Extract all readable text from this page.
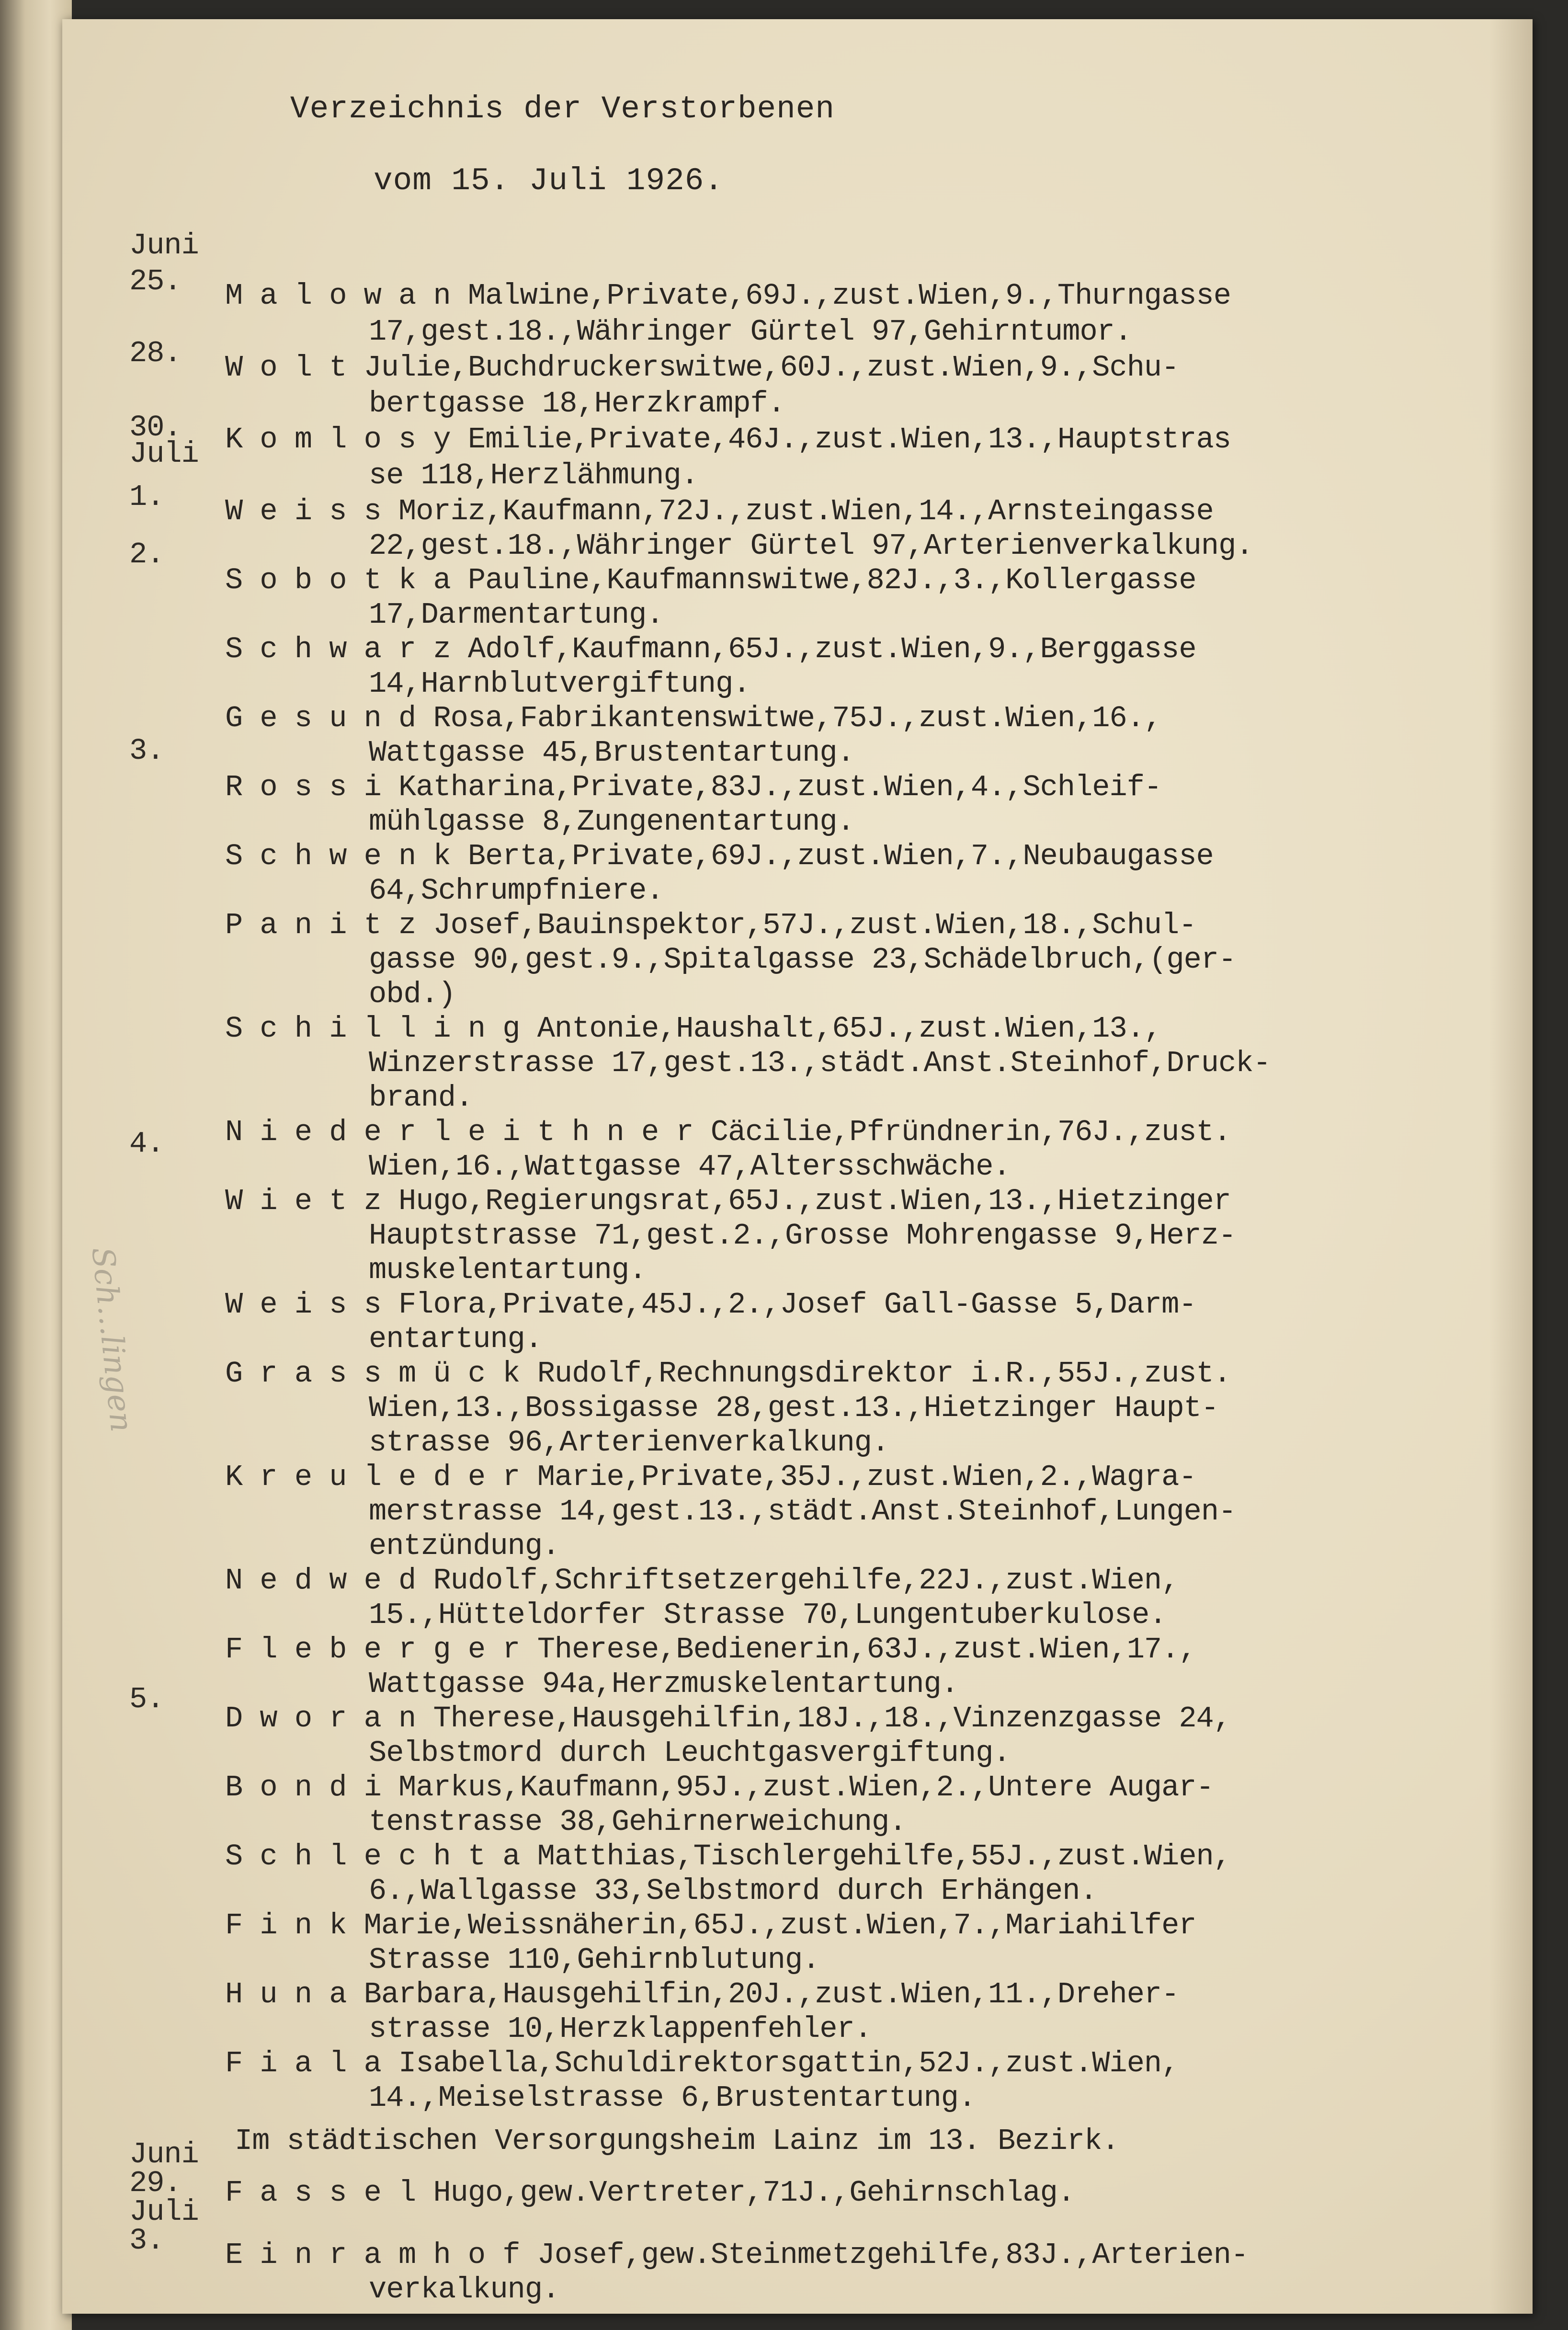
Verzeichnis der Verstorbenen
vom 15. Juli 1926.
Juni
25.
28.
30.
Juli
1.
2.
3.
4.
5.
M a l o w a n Malwine,Private,69J.,zust.Wien,9.,Thurngasse
17,gest.18.,Währinger Gürtel 97,Gehirntumor.
W o l t Julie,Buchdruckerswitwe,60J.,zust.Wien,9.,Schu-
bertgasse 18,Herzkrampf.
K o m l o s y Emilie,Private,46J.,zust.Wien,13.,Hauptstras
se 118,Herzlähmung.
W e i s s Moriz,Kaufmann,72J.,zust.Wien,14.,Arnsteingasse
22,gest.18.,Währinger Gürtel 97,Arterienverkalkung.
S o b o t k a Pauline,Kaufmannswitwe,82J.,3.,Kollergasse
17,Darmentartung.
S c h w a r z Adolf,Kaufmann,65J.,zust.Wien,9.,Berggasse
14,Harnblutvergiftung.
G e s u n d Rosa,Fabrikantenswitwe,75J.,zust.Wien,16.,
Wattgasse 45,Brustentartung.
R o s s i Katharina,Private,83J.,zust.Wien,4.,Schleif-
mühlgasse 8,Zungenentartung.
S c h w e n k Berta,Private,69J.,zust.Wien,7.,Neubaugasse
64,Schrumpfniere.
P a n i t z Josef,Bauinspektor,57J.,zust.Wien,18.,Schul-
gasse 90,gest.9.,Spitalgasse 23,Schädelbruch,(ger-
obd.)
S c h i l l i n g Antonie,Haushalt,65J.,zust.Wien,13.,
Winzerstrasse 17,gest.13.,städt.Anst.Steinhof,Druck-
brand.
N i e d e r l e i t h n e r Cäcilie,Pfründnerin,76J.,zust.
Wien,16.,Wattgasse 47,Altersschwäche.
W i e t z Hugo,Regierungsrat,65J.,zust.Wien,13.,Hietzinger
Hauptstrasse 71,gest.2.,Grosse Mohrengasse 9,Herz-
muskelentartung.
W e i s s Flora,Private,45J.,2.,Josef Gall-Gasse 5,Darm-
entartung.
G r a s s m ü c k Rudolf,Rechnungsdirektor i.R.,55J.,zust.
Wien,13.,Bossigasse 28,gest.13.,Hietzinger Haupt-
strasse 96,Arterienverkalkung.
K r e u l e d e r Marie,Private,35J.,zust.Wien,2.,Wagra-
merstrasse 14,gest.13.,städt.Anst.Steinhof,Lungen-
entzündung.
N e d w e d Rudolf,Schriftsetzergehilfe,22J.,zust.Wien,
15.,Hütteldorfer Strasse 70,Lungentuberkulose.
F l e b e r g e r Therese,Bedienerin,63J.,zust.Wien,17.,
Wattgasse 94a,Herzmuskelentartung.
D w o r a n Therese,Hausgehilfin,18J.,18.,Vinzenzgasse 24,
Selbstmord durch Leuchtgasvergiftung.
B o n d i Markus,Kaufmann,95J.,zust.Wien,2.,Untere Augar-
tenstrasse 38,Gehirnerweichung.
S c h l e c h t a Matthias,Tischlergehilfe,55J.,zust.Wien,
6.,Wallgasse 33,Selbstmord durch Erhängen.
F i n k Marie,Weissnäherin,65J.,zust.Wien,7.,Mariahilfer
Strasse 110,Gehirnblutung.
H u n a Barbara,Hausgehilfin,20J.,zust.Wien,11.,Dreher-
strasse 10,Herzklappenfehler.
F i a l a Isabella,Schuldirektorsgattin,52J.,zust.Wien,
14.,Meiselstrasse 6,Brustentartung.
Im städtischen Versorgungsheim Lainz im 13. Bezirk.
Juni
29.
Juli
3.
F a s s e l Hugo,gew.Vertreter,71J.,Gehirnschlag.
E i n r a m h o f Josef,gew.Steinmetzgehilfe,83J.,Arterien-
verkalkung.
Sch…lingen
